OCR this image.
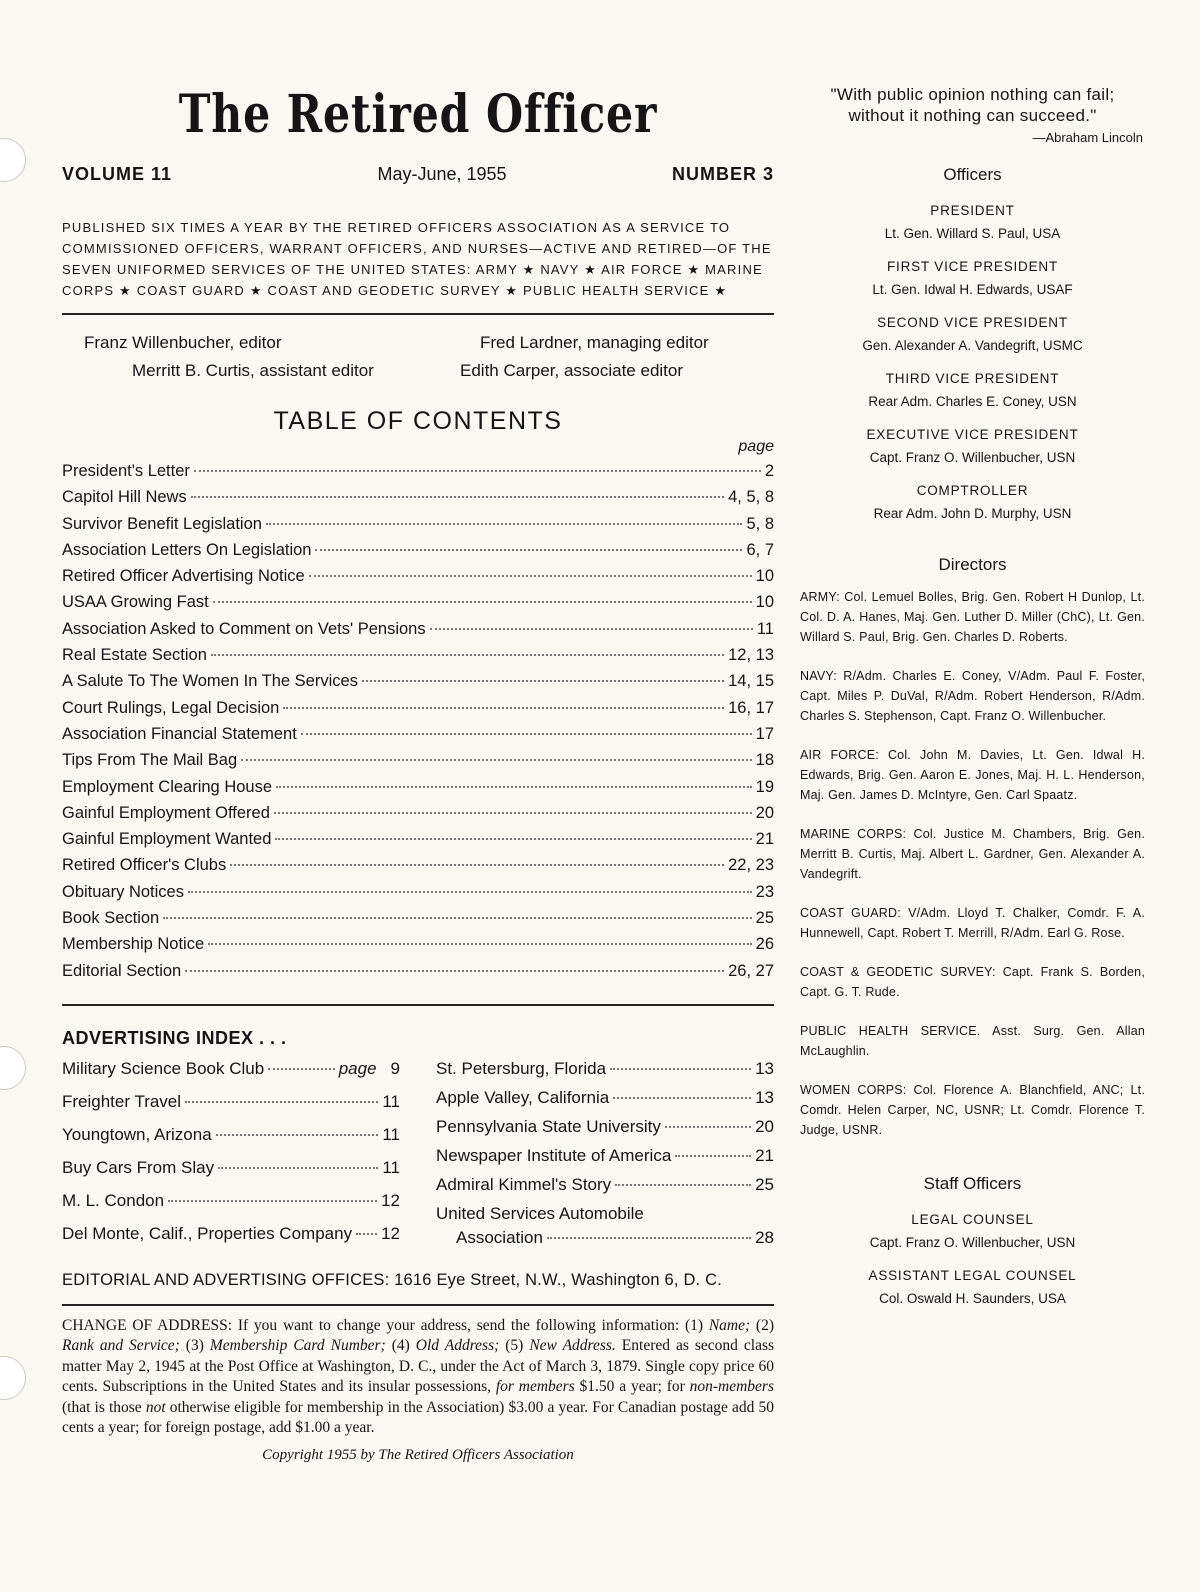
The Retired Officer
VOLUME 11	May-June, 1955	NUMBER 3
PUBLISHED SIX TIMES A YEAR BY THE RETIRED OFFICERS ASSOCIATION AS A SERVICE TO COMMISSIONED OFFICERS, WARRANT OFFICERS, AND NURSES—ACTIVE AND RETIRED—OF THE SEVEN UNIFORMED SERVICES OF THE UNITED STATES: ARMY ★ NAVY ★ AIR FORCE ★ MARINE CORPS ★ COAST GUARD ★ COAST AND GEODETIC SURVEY ★ PUBLIC HEALTH SERVICE ★
Franz Willenbucher, editor	Fred Lardner, managing editor
Merritt B. Curtis, assistant editor	Edith Carper, associate editor
TABLE OF CONTENTS
page
President's Letter	2
Capitol Hill News	4, 5, 8
Survivor Benefit Legislation	5, 8
Association Letters On Legislation	6, 7
Retired Officer Advertising Notice	10
USAA Growing Fast	10
Association Asked to Comment on Vets' Pensions	11
Real Estate Section	12, 13
A Salute To The Women In The Services	14, 15
Court Rulings, Legal Decision	16, 17
Association Financial Statement	17
Tips From The Mail Bag	18
Employment Clearing House	19
Gainful Employment Offered	20
Gainful Employment Wanted	21
Retired Officer's Clubs	22, 23
Obituary Notices	23
Book Section	25
Membership Notice	26
Editorial Section	26, 27
ADVERTISING INDEX . . .
Military Science Book Club	page 9
Freighter Travel	11
Youngtown, Arizona	11
Buy Cars From Slay	11
M. L. Condon	12
Del Monte, Calif., Properties Company 12
St. Petersburg, Florida	13
Apple Valley, California	13
Pennsylvania State University	20
Newspaper Institute of America	21
Admiral Kimmel's Story	25
United Services Automobile
Association	28
EDITORIAL AND ADVERTISING OFFICES: 1616 Eye Street, N.W., Washington 6, D. C.
CHANGE OF ADDRESS: If you want to change your address, send the following information: (1) Name; (2) Rank and Service; (3) Membership Card Number; (4) Old Address; (5) New Address. Entered as second class matter May 2, 1945 at the Post Office at Washington, D. C., under the Act of March 3, 1879. Single copy price 60 cents. Subscriptions in the United States and its insular possessions, for members $1.50 a year; for non-members (that is those not otherwise eligible for membership in the Association) $3.00 a year. For Canadian postage add 50 cents a year; for foreign postage, add $1.00 a year.
Copyright 1955 by The Retired Officers Association
"With public opinion nothing can fail;
without it nothing can succeed."
—Abraham Lincoln
Officers
PRESIDENT
Lt. Gen. Willard S. Paul, USA
FIRST VICE PRESIDENT
Lt. Gen. Idwal H. Edwards, USAF
SECOND VICE PRESIDENT
Gen. Alexander A. Vandegrift, USMC
THIRD VICE PRESIDENT
Rear Adm. Charles E. Coney, USN
EXECUTIVE VICE PRESIDENT
Capt. Franz O. Willenbucher, USN
COMPTROLLER
Rear Adm. John D. Murphy, USN
Directors
ARMY: Col. Lemuel Bolles, Brig. Gen. Robert H Dunlop, Lt. Col. D. A. Hanes, Maj. Gen. Luther D. Miller (ChC), Lt. Gen. Willard S. Paul, Brig. Gen. Charles D. Roberts.
NAVY: R/Adm. Charles E. Coney, V/Adm. Paul F. Foster, Capt. Miles P. DuVal, R/Adm. Robert Henderson, R/Adm. Charles S. Stephenson, Capt. Franz O. Willenbucher.
AIR FORCE: Col. John M. Davies, Lt. Gen. Idwal H. Edwards, Brig. Gen. Aaron E. Jones, Maj. H. L. Henderson, Maj. Gen. James D. McIntyre, Gen. Carl Spaatz.
MARINE CORPS: Col. Justice M. Chambers, Brig. Gen. Merritt B. Curtis, Maj. Albert L. Gardner, Gen. Alexander A. Vandegrift.
COAST GUARD: V/Adm. Lloyd T. Chalker, Comdr. F. A. Hunnewell, Capt. Robert T. Merrill, R/Adm. Earl G. Rose.
COAST & GEODETIC SURVEY: Capt. Frank S. Borden, Capt. G. T. Rude.
PUBLIC HEALTH SERVICE. Asst. Surg. Gen. Allan McLaughlin.
WOMEN CORPS: Col. Florence A. Blanchfield, ANC; Lt. Comdr. Helen Carper, NC, USNR; Lt. Comdr. Florence T. Judge, USNR.
Staff Officers
LEGAL COUNSEL
Capt. Franz O. Willenbucher, USN
ASSISTANT LEGAL COUNSEL
Col. Oswald H. Saunders, USA
